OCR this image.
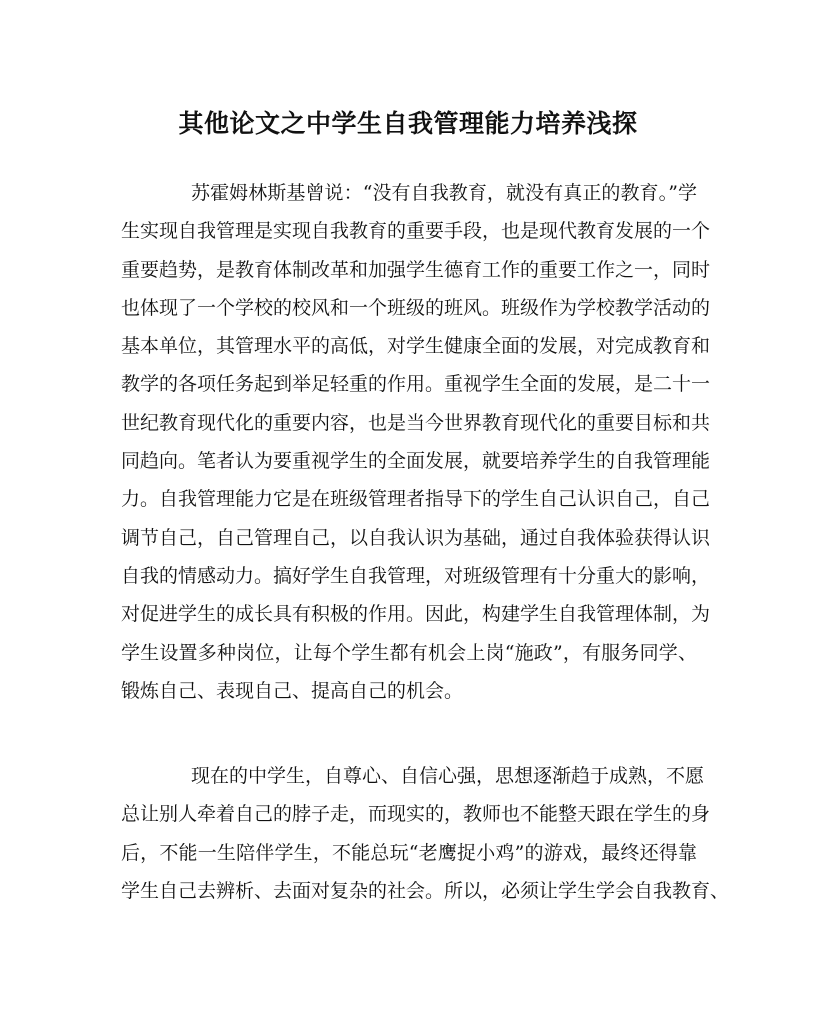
其他论文之中学生自我管理能力培养浅探
苏霍姆林斯基曾说：“没有自我教育，就没有真正的教育。”学
生实现自我管理是实现自我教育的重要手段，也是现代教育发展的一个
重要趋势，是教育体制改革和加强学生德育工作的重要工作之一，同时
也体现了一个学校的校风和一个班级的班风。班级作为学校教学活动的
基本单位，其管理水平的高低，对学生健康全面的发展，对完成教育和
教学的各项任务起到举足轻重的作用。重视学生全面的发展，是二十一
世纪教育现代化的重要内容，也是当今世界教育现代化的重要目标和共
同趋向。笔者认为要重视学生的全面发展，就要培养学生的自我管理能
力。自我管理能力它是在班级管理者指导下的学生自己认识自己，自己
调节自己，自己管理自己，以自我认识为基础，通过自我体验获得认识
自我的情感动力。搞好学生自我管理，对班级管理有十分重大的影响，
对促进学生的成长具有积极的作用。因此，构建学生自我管理体制，为
学生设置多种岗位，让每个学生都有机会上岗“施政”，有服务同学、
锻炼自己、表现自己、提高自己的机会。
现在的中学生，自尊心、自信心强，思想逐渐趋于成熟，不愿
总让别人牵着自己的脖子走，而现实的，教师也不能整天跟在学生的身
后，不能一生陪伴学生，不能总玩“老鹰捉小鸡”的游戏，最终还得靠
学生自己去辨析、去面对复杂的社会。所以，必须让学生学会自我教育、
